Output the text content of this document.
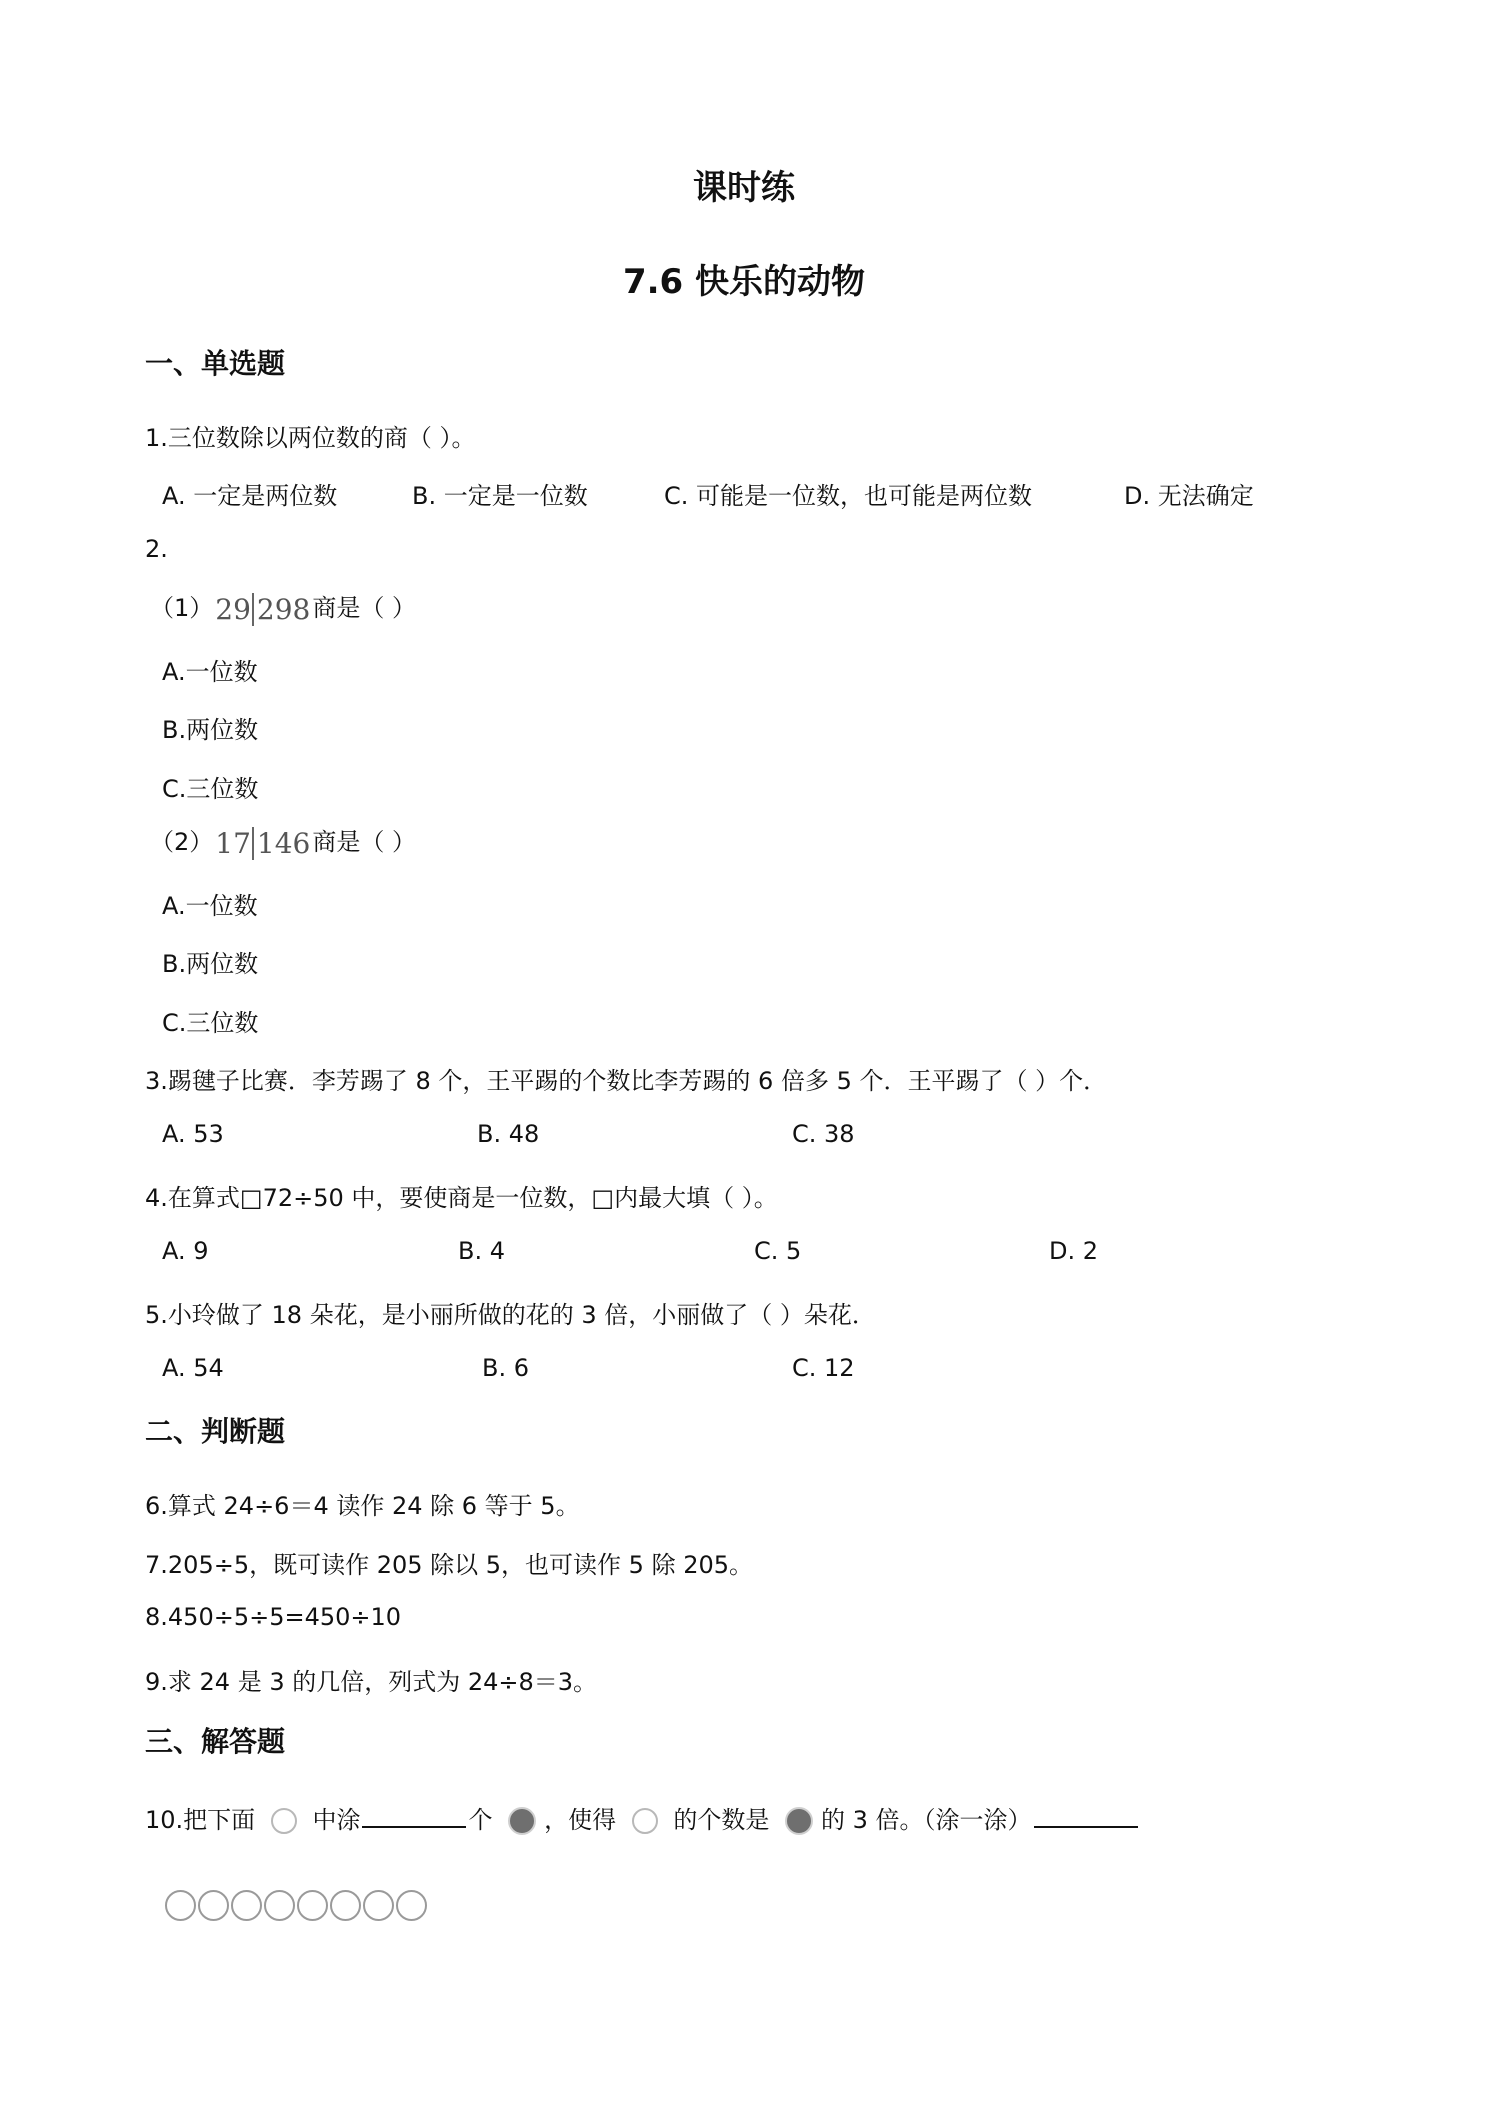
课时练
7.6 快乐的动物
一、单选题
1.三位数除以两位数的商（ ）。
A. 一定是两位数	B. 一定是一位数	C. 可能是一位数，也可能是两位数	D. 无法确定
2.
（1）29 298商是（ ）
A.一位数
B.两位数
C.三位数
（2）17 146商是（ ）
A.一位数
B.两位数
C.三位数
3.踢毽子比赛．李芳踢了 8 个，王平踢的个数比李芳踢的 6 倍多 5 个．王平踢了（ ）个．
A. 53	B. 48	C. 38
4.在算式□72÷50 中，要使商是一位数，□内最大填（ ）。
A. 9	B. 4	C. 5	D. 2
5.小玲做了 18 朵花，是小丽所做的花的 3 倍，小丽做了（ ）朵花．
A. 54	B. 6	C. 12
二、判断题
6.算式 24÷6＝4 读作 24 除 6 等于 5。
7.205÷5，既可读作 205 除以 5，也可读作 5 除 205。
8.450÷5÷5=450÷10
9.求 24 是 3 的几倍，列式为 24÷8＝3。
三、解答题
10.把下面 中涂	个 ，使得 的个数是 的 3 倍。（涂一涂）
